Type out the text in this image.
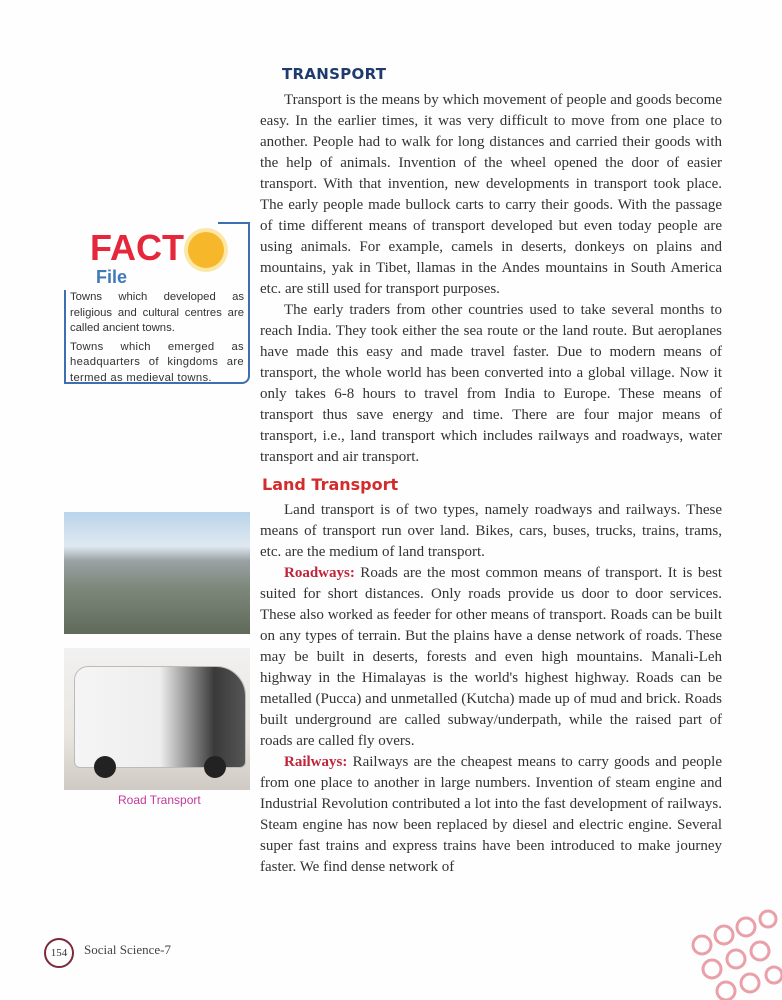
TRANSPORT

Transport is the means by which movement of people and goods become easy. In the earlier times, it was very difficult to move from one place to another. People had to walk for long distances and carried their goods with the help of animals. Invention of the wheel opened the door of easier transport. With that invention, new developments in transport took place. The early people made bullock carts to carry their goods. With the passage of time different means of transport developed but even today people are using animals. For example, camels in deserts, donkeys on plains and mountains, yak in Tibet, llamas in the Andes mountains in South America etc. are still used for transport purposes.

The early traders from other countries used to take several months to reach India. They took either the sea route or the land route. But aeroplanes have made this easy and made travel faster. Due to modern means of transport, the whole world has been converted into a global village. Now it only takes 6-8 hours to travel from India to Europe. These means of transport thus save energy and time. There are four major means of transport, i.e., land transport which includes railways and roadways, water transport and air transport.

Land Transport

Land transport is of two types, namely roadways and railways. These means of transport run over land. Bikes, cars, buses, trucks, trains, trams, etc. are the medium of land transport.

Roadways: Roads are the most common means of transport. It is best suited for short distances. Only roads provide us door to door services. These also worked as feeder for other means of transport. Roads can be built on any types of terrain. But the plains have a dense network of roads. These may be built in deserts, forests and even high mountains. Manali-Leh highway in the Himalayas is the world's highest highway. Roads can be metalled (Pucca) and unmetalled (Kutcha) made up of mud and brick. Roads built underground are called subway/underpath, while the raised part of roads are called fly overs.

Railways: Railways are the cheapest means to carry goods and people from one place to another in large numbers. Invention of steam engine and Industrial Revolution contributed a lot into the fast development of railways. Steam engine has now been replaced by diesel and electric engine. Several super fast trains and express trains have been introduced to make journey faster. We find dense network of

FACT
File

Towns which developed as religious and cultural centres are called ancient towns.

Towns which emerged as headquarters of kingdoms are termed as medieval towns.

Road Transport
154	Social Science-7
